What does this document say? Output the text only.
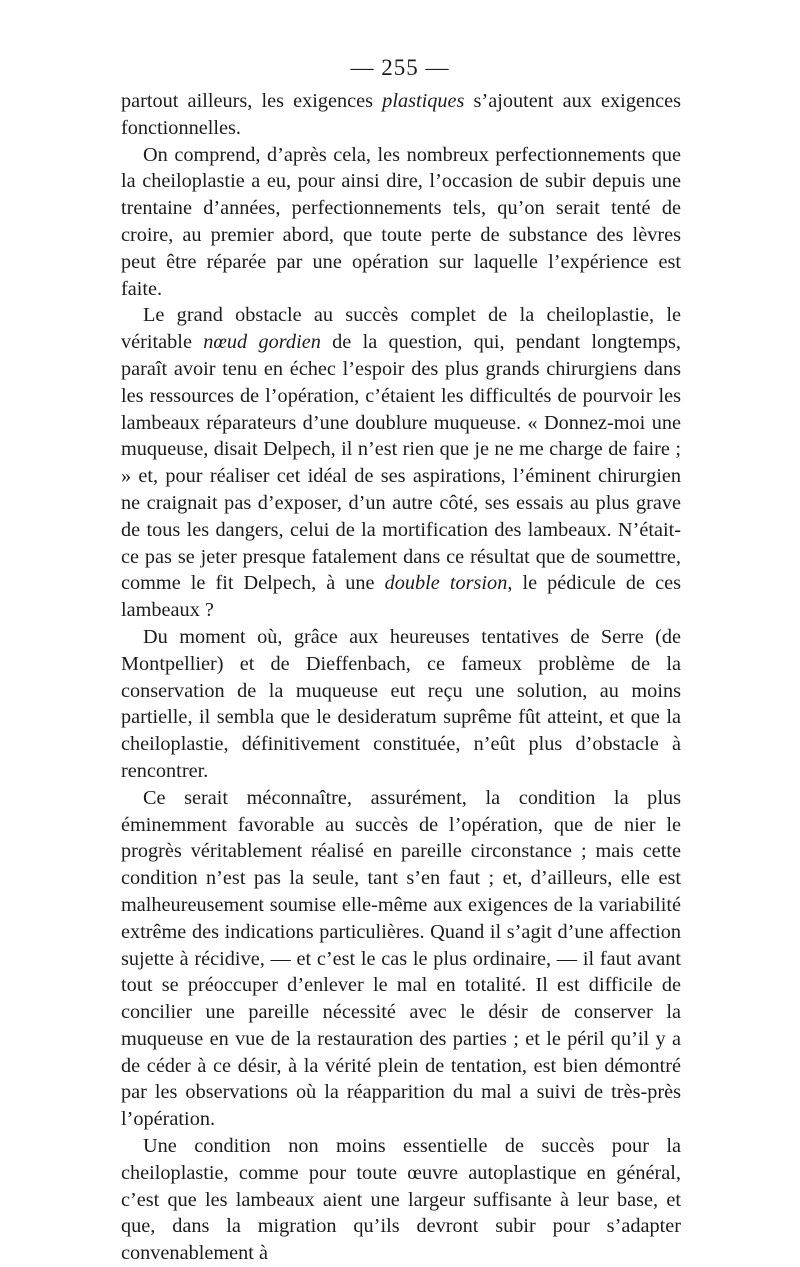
— 255 —

partout ailleurs, les exigences plastiques s’ajoutent aux exigences fonctionnelles.

On comprend, d’après cela, les nombreux perfectionnements que la cheiloplastie a eu, pour ainsi dire, l’occasion de subir depuis une trentaine d’années, perfectionnements tels, qu’on serait tenté de croire, au premier abord, que toute perte de substance des lèvres peut être réparée par une opération sur laquelle l’expérience est faite.

Le grand obstacle au succès complet de la cheiloplastie, le véritable nœud gordien de la question, qui, pendant longtemps, paraît avoir tenu en échec l’espoir des plus grands chirurgiens dans les ressources de l’opération, c’étaient les difficultés de pourvoir les lambeaux réparateurs d’une doublure muqueuse. « Donnez-moi une muqueuse, disait Delpech, il n’est rien que je ne me charge de faire ; » et, pour réaliser cet idéal de ses aspirations, l’éminent chirurgien ne craignait pas d’exposer, d’un autre côté, ses essais au plus grave de tous les dangers, celui de la mortification des lambeaux. N’était-ce pas se jeter presque fatalement dans ce résultat que de soumettre, comme le fit Delpech, à une double torsion, le pédicule de ces lambeaux ?

Du moment où, grâce aux heureuses tentatives de Serre (de Montpellier) et de Dieffenbach, ce fameux problème de la conservation de la muqueuse eut reçu une solution, au moins partielle, il sembla que le desideratum suprême fût atteint, et que la cheiloplastie, définitivement constituée, n’eût plus d’obstacle à rencontrer.

Ce serait méconnaître, assurément, la condition la plus éminemment favorable au succès de l’opération, que de nier le progrès véritablement réalisé en pareille circonstance ; mais cette condition n’est pas la seule, tant s’en faut ; et, d’ailleurs, elle est malheureusement soumise elle-même aux exigences de la variabilité extrême des indications particulières. Quand il s’agit d’une affection sujette à récidive, — et c’est le cas le plus ordinaire, — il faut avant tout se préoccuper d’enlever le mal en totalité. Il est difficile de concilier une pareille nécessité avec le désir de conserver la muqueuse en vue de la restauration des parties ; et le péril qu’il y a de céder à ce désir, à la vérité plein de tentation, est bien démontré par les observations où la réapparition du mal a suivi de très-près l’opération.

Une condition non moins essentielle de succès pour la cheiloplastie, comme pour toute œuvre autoplastique en général, c’est que les lambeaux aient une largeur suffisante à leur base, et que, dans la migration qu’ils devront subir pour s’adapter convenablement à
